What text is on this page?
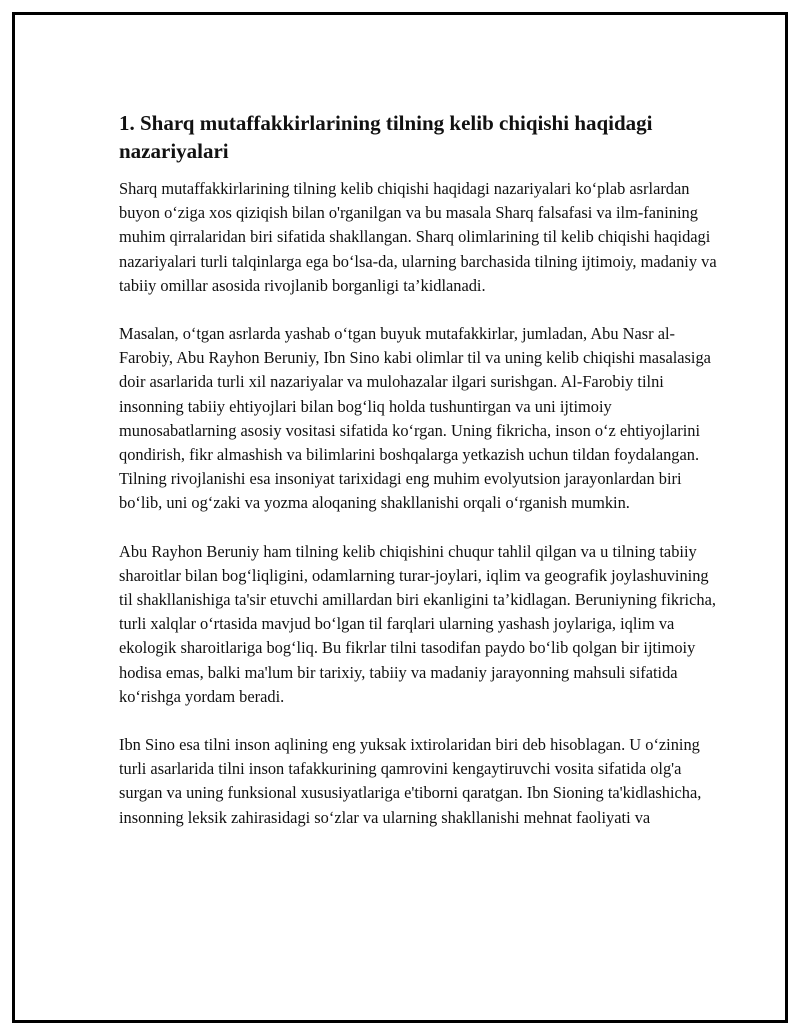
1. Sharq mutaffakkirlarining tilning kelib chiqishi haqidagi nazariyalari

Sharq mutaffakkirlarining tilning kelib chiqishi haqidagi nazariyalari ko‘plab asrlardan buyon o‘ziga xos qiziqish bilan o'rganilgan va bu masala Sharq falsafasi va ilm-fanining muhim qirralaridan biri sifatida shakllangan. Sharq olimlarining til kelib chiqishi haqidagi nazariyalari turli talqinlarga ega bo‘lsa-da, ularning barchasida tilning ijtimoiy, madaniy va tabiiy omillar asosida rivojlanib borganligi ta’kidlanadi.

Masalan, o‘tgan asrlarda yashab o‘tgan buyuk mutafakkirlar, jumladan, Abu Nasr al-Farobiy, Abu Rayhon Beruniy, Ibn Sino kabi olimlar til va uning kelib chiqishi masalasiga doir asarlarida turli xil nazariyalar va mulohazalar ilgari surishgan. Al-Farobiy tilni insonning tabiiy ehtiyojlari bilan bog‘liq holda tushuntirgan va uni ijtimoiy munosabatlarning asosiy vositasi sifatida ko‘rgan. Uning fikricha, inson o‘z ehtiyojlarini qondirish, fikr almashish va bilimlarini boshqalarga yetkazish uchun tildan foydalangan. Tilning rivojlanishi esa insoniyat tarixidagi eng muhim evolyutsion jarayonlardan biri bo‘lib, uni og‘zaki va yozma aloqaning shakllanishi orqali o‘rganish mumkin.

Abu Rayhon Beruniy ham tilning kelib chiqishini chuqur tahlil qilgan va u tilning tabiiy sharoitlar bilan bog‘liqligini, odamlarning turar-joylari, iqlim va geografik joylashuvining til shakllanishiga ta'sir etuvchi amillardan biri ekanligini ta’kidlagan. Beruniyning fikricha, turli xalqlar o‘rtasida mavjud bo‘lgan til farqlari ularning yashash joylariga, iqlim va ekologik sharoitlariga bog‘liq. Bu fikrlar tilni tasodifan paydo bo‘lib qolgan bir ijtimoiy hodisa emas, balki ma'lum bir tarixiy, tabiiy va madaniy jarayonning mahsuli sifatida ko‘rishga yordam beradi.

Ibn Sino esa tilni inson aqlining eng yuksak ixtirolaridan biri deb hisoblagan. U o‘zining turli asarlarida tilni inson tafakkurining qamrovini kengaytiruvchi vosita sifatida olg'a surgan va uning funksional xususiyatlariga e'tiborni qaratgan. Ibn Sioning ta'kidlashicha, insonning leksik zahirasidagi so‘zlar va ularning shakllanishi mehnat faoliyati va
